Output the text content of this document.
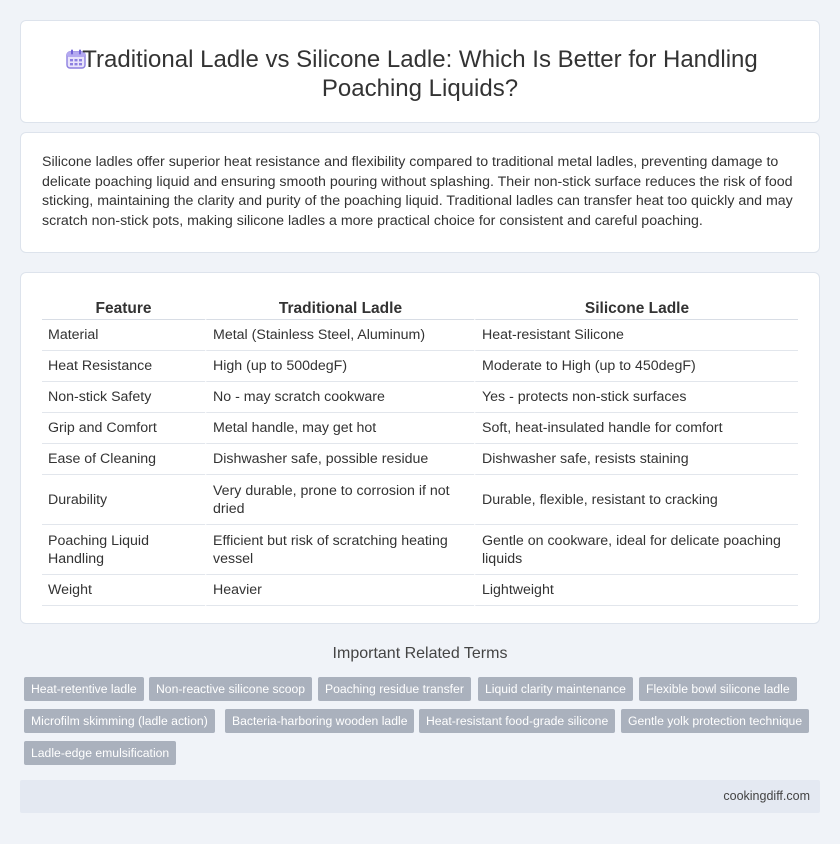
Traditional Ladle vs Silicone Ladle: Which Is Better for Handling Poaching Liquids?

Silicone ladles offer superior heat resistance and flexibility compared to traditional metal ladles, preventing damage to delicate poaching liquid and ensuring smooth pouring without splashing. Their non-stick surface reduces the risk of food sticking, maintaining the clarity and purity of the poaching liquid. Traditional ladles can transfer heat too quickly and may scratch non-stick pots, making silicone ladles a more practical choice for consistent and careful poaching.

Feature	Traditional Ladle	Silicone Ladle
Material	Metal (Stainless Steel, Aluminum)	Heat-resistant Silicone
Heat Resistance	High (up to 500degF)	Moderate to High (up to 450degF)
Non-stick Safety	No - may scratch cookware	Yes - protects non-stick surfaces
Grip and Comfort	Metal handle, may get hot	Soft, heat-insulated handle for comfort
Ease of Cleaning	Dishwasher safe, possible residue	Dishwasher safe, resists staining
Durability	Very durable, prone to corrosion if not dried	Durable, flexible, resistant to cracking
Poaching Liquid Handling	Efficient but risk of scratching heating vessel	Gentle on cookware, ideal for delicate poaching liquids
Weight	Heavier	Lightweight
Important Related Terms
Heat-retentive ladle	Non-reactive silicone scoop	Poaching residue transfer	Liquid clarity maintenance	Flexible bowl silicone ladle
Microfilm skimming (ladle action)	Bacteria-harboring wooden ladle	Heat-resistant food-grade silicone	Gentle yolk protection technique
Ladle-edge emulsification
cookingdiff.com
